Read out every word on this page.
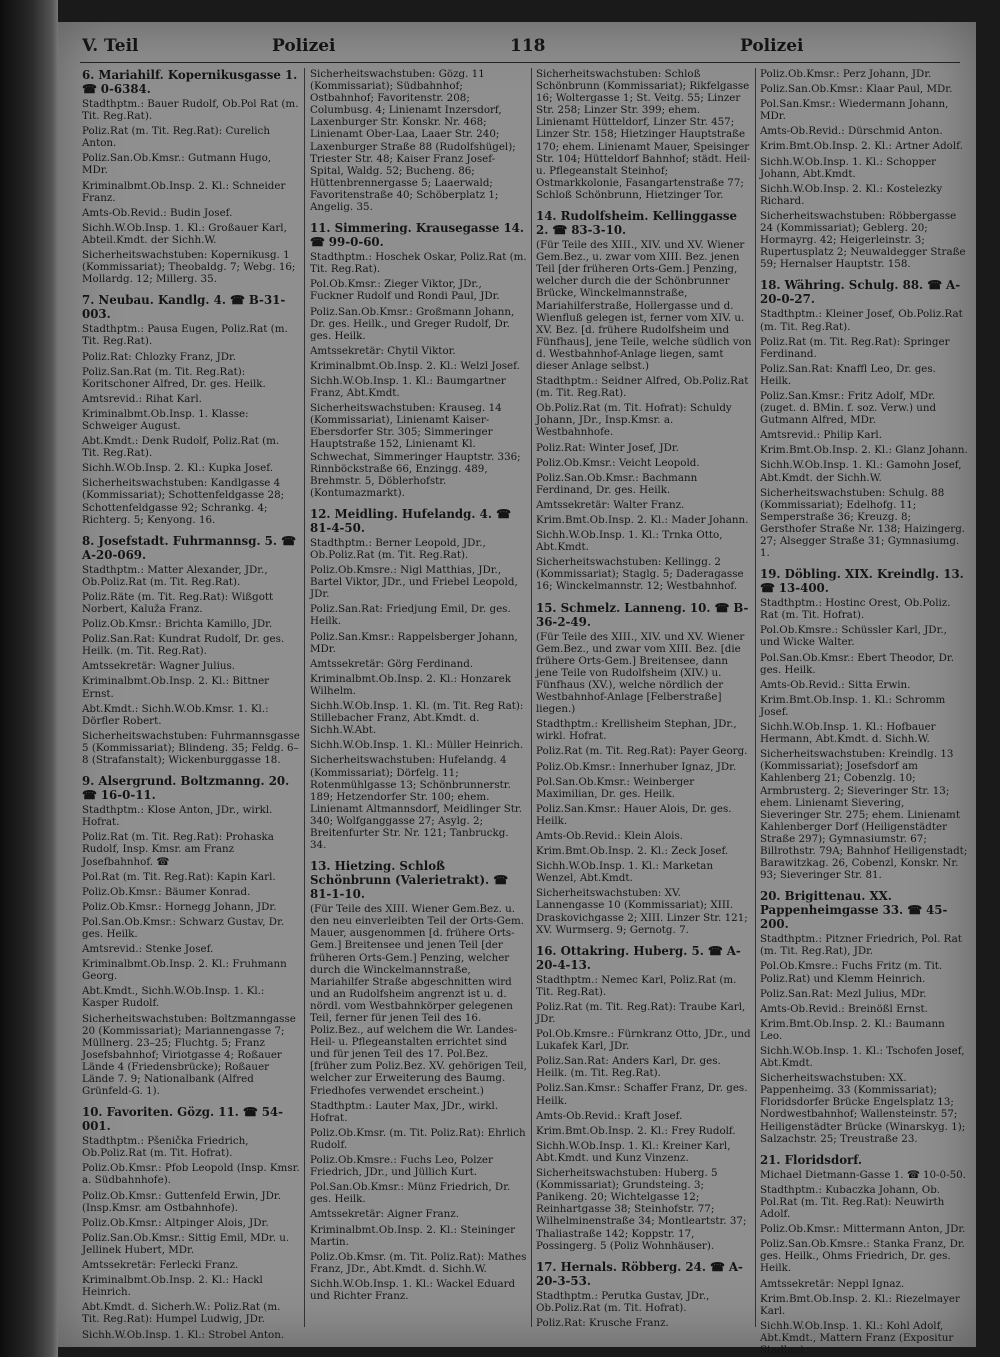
V. Teil	Polizei	118	Polizei
6. Mariahilf. Kopernikusgasse 1. ☎ 0-6384.
Stadthptm.: Bauer Rudolf, Ob.Pol Rat (m. Tit. Reg.Rat).
Poliz.Rat (m. Tit. Reg.Rat): Curelich Anton.
Poliz.San.Ob.Kmsr.: Gutmann Hugo, MDr.
Kriminalbmt.Ob.Insp. 2. Kl.: Schneider Franz.
Amts-Ob.Revid.: Budin Josef.
Sichh.W.Ob.Insp. 1. Kl.: Großauer Karl, Abteil.Kmdt. der Sichh.W.
Sicherheitswachstuben: Kopernikusg. 1 (Kommissariat); Theobaldg. 7; Webg. 16; Mollardg. 12; Millerg. 35.
7. Neubau. Kandlg. 4. ☎ B-31-003.
Stadthptm.: Pausa Eugen, Poliz.Rat (m. Tit. Reg.Rat).
Poliz.Rat: Chlozky Franz, JDr.
Poliz.San.Rat (m. Tit. Reg.Rat): Koritschoner Alfred, Dr. ges. Heilk.
Amtsrevid.: Rihat Karl.
Kriminalbmt.Ob.Insp. 1. Klasse: Schweiger August.
Abt.Kmdt.: Denk Rudolf, Poliz.Rat (m. Tit. Reg.Rat).
Sichh.W.Ob.Insp. 2. Kl.: Kupka Josef.
Sicherheitswachstuben: Kandlgasse 4 (Kommissariat); Schottenfeldgasse 28; Schottenfeldgasse 92; Schrankg. 4; Richterg. 5; Kenyong. 16.
8. Josefstadt. Fuhrmannsg. 5. ☎ A-20-069.
Stadthptm.: Matter Alexander, JDr., Ob.Poliz.Rat (m. Tit. Reg.Rat).
Poliz.Räte (m. Tit. Reg.Rat): Wißgott Norbert, Kaluža Franz.
Poliz.Ob.Kmsr.: Brichta Kamillo, JDr.
Poliz.San.Rat: Kundrat Rudolf, Dr. ges. Heilk. (m. Tit. Reg.Rat).
Amtssekretär: Wagner Julius.
Kriminalbmt.Ob.Insp. 2. Kl.: Bittner Ernst.
Abt.Kmdt.: Sichh.W.Ob.Kmsr. 1. Kl.: Dörfler Robert.
Sicherheitswachstuben: Fuhrmannsgasse 5 (Kommissariat); Blindeng. 35; Feldg. 6–8 (Strafanstalt); Wickenburggasse 18.
9. Alsergrund. Boltzmanng. 20. ☎ 16-0-11.
Stadthptm.: Klose Anton, JDr., wirkl. Hofrat.
Poliz.Rat (m. Tit. Reg.Rat): Prohaska Rudolf, Insp. Kmsr. am Franz Josefbahnhof. ☎
Pol.Rat (m. Tit. Reg.Rat): Kapin Karl.
Poliz.Ob.Kmsr.: Bäumer Konrad.
Poliz.Ob.Kmsr.: Hornegg Johann, JDr.
Pol.San.Ob.Kmsr.: Schwarz Gustav, Dr. ges. Heilk.
Amtsrevid.: Stenke Josef.
Kriminalbmt.Ob.Insp. 2. Kl.: Fruhmann Georg.
Abt.Kmdt., Sichh.W.Ob.Insp. 1. Kl.: Kasper Rudolf.
Sicherheitswachstuben: Boltzmanngasse 20 (Kommissariat); Mariannengasse 7; Müllnerg. 23–25; Fluchtg. 5; Franz Josefsbahnhof; Viriotgasse 4; Roßauer Lände 4 (Friedensbrücke); Roßauer Lände 7. 9; Nationalbank (Alfred Grünfeld-G. 1).
10. Favoriten. Gözg. 11. ☎ 54-001.
Stadthptm.: Pšenička Friedrich, Ob.Poliz.Rat (m. Tit. Hofrat).
Poliz.Ob.Kmsr.: Pfob Leopold (Insp. Kmsr. a. Südbahnhofe).
Poliz.Ob.Kmsr.: Guttenfeld Erwin, JDr. (Insp.Kmsr. am Ostbahnhofe).
Poliz.Ob.Kmsr.: Altpinger Alois, JDr.
Poliz.San.Ob.Kmsr.: Sittig Emil, MDr. u. Jellinek Hubert, MDr.
Amtssekretär: Ferlecki Franz.
Kriminalbmt.Ob.Insp. 2. Kl.: Hackl Heinrich.
Abt.Kmdt. d. Sicherh.W.: Poliz.Rat (m. Tit. Reg.Rat): Humpel Ludwig, JDr.
Sichh.W.Ob.Insp. 1. Kl.: Strobel Anton.
Sicherheitswachstuben: Gözg. 11 (Kommissariat); Südbahnhof; Ostbahnhof; Favoritenstr. 208; Columbusg. 4; Linienamt Inzersdorf, Laxenburger Str. Konskr. Nr. 468; Linienamt Ober-Laa, Laaer Str. 240; Laxenburger Straße 88 (Rudolfshügel); Triester Str. 48; Kaiser Franz Josef-Spital, Waldg. 52; Bucheng. 86; Hüttenbrennergasse 5; Laaerwald; Favoritenstraße 40; Schöberplatz 1; Angelig. 35.
11. Simmering. Krausegasse 14. ☎ 99-0-60.
Stadthptm.: Hoschek Oskar, Poliz.Rat (m. Tit. Reg.Rat).
Pol.Ob.Kmsr.: Zieger Viktor, JDr., Fuckner Rudolf und Rondi Paul, JDr.
Poliz.San.Ob.Kmsr.: Großmann Johann, Dr. ges. Heilk., und Greger Rudolf, Dr. ges. Heilk.
Amtssekretär: Chytil Viktor.
Kriminalbmt.Ob.Insp. 2. Kl.: Welzl Josef.
Sichh.W.Ob.Insp. 1. Kl.: Baumgartner Franz, Abt.Kmdt.
Sicherheitswachstuben: Krauseg. 14 (Kommissariat), Linienamt Kaiser-Ebersdorfer Str. 305; Simmeringer Hauptstraße 152, Linienamt Kl. Schwechat, Simmeringer Hauptstr. 336; Rinnböckstraße 66, Enzingg. 489, Brehmstr. 5, Döblerhofstr. (Kontumazmarkt).
12. Meidling. Hufelandg. 4. ☎ 81-4-50.
Stadthptm.: Berner Leopold, JDr., Ob.Poliz.Rat (m. Tit. Reg.Rat).
Poliz.Ob.Kmsre.: Nigl Matthias, JDr., Bartel Viktor, JDr., und Friebel Leopold, JDr.
Poliz.San.Rat: Friedjung Emil, Dr. ges. Heilk.
Poliz.San.Kmsr.: Rappelsberger Johann, MDr.
Amtssekretär: Görg Ferdinand.
Kriminalbmt.Ob.Insp. 2. Kl.: Honzarek Wilhelm.
Sichh.W.Ob.Insp. 1. Kl. (m. Tit. Reg Rat): Stillebacher Franz, Abt.Kmdt. d. Sichh.W.Abt.
Sichh.W.Ob.Insp. 1. Kl.: Müller Heinrich.
Sicherheitswachstuben: Hufelandg. 4 (Kommissariat); Dörfelg. 11; Rotenmühlgasse 13; Schönbrunnerstr. 189; Hetzendorfer Str. 100; ehem. Linienamt Altmannsdorf, Meidlinger Str. 340; Wolfganggasse 27; Asylg. 2; Breitenfurter Str. Nr. 121; Tanbruckg. 34.
13. Hietzing. Schloß Schönbrunn (Valerietrakt). ☎ 81-1-10.
(Für Teile des XIII. Wiener Gem.Bez. u. den neu einverleibten Teil der Orts-Gem. Mauer, ausgenommen [d. frühere Orts-Gem.] Breitensee und jenen Teil [der früheren Orts-Gem.] Penzing, welcher durch die Winckelmannstraße, Mariahilfer Straße abgeschnitten wird und an Rudolfsheim angrenzt ist u. d. nördl. vom Westbahnkörper gelegenen Teil, ferner für jenen Teil des 16. Poliz.Bez., auf welchem die Wr. Landes-Heil- u. Pflegeanstalten errichtet sind und für jenen Teil des 17. Pol.Bez. [früher zum Poliz.Bez. XV. gehörigen Teil, welcher zur Erweiterung des Baumg. Friedhofes verwendet erscheint.)
Stadthptm.: Lauter Max, JDr., wirkl. Hofrat.
Poliz.Ob.Kmsr. (m. Tit. Poliz.Rat): Ehrlich Rudolf.
Poliz.Ob.Kmsre.: Fuchs Leo, Polzer Friedrich, JDr., und Jüllich Kurt.
Pol.San.Ob.Kmsr.: Münz Friedrich, Dr. ges. Heilk.
Amtssekretär: Aigner Franz.
Kriminalbmt.Ob.Insp. 2. Kl.: Steininger Martin.
Poliz.Ob.Kmsr. (m. Tit. Poliz.Rat): Mathes Franz, JDr., Abt.Kmdt. d. Sichh.W.
Sichh.W.Ob.Insp. 1. Kl.: Wackel Eduard und Richter Franz.
Sicherheitswachstuben: Schloß Schönbrunn (Kommissariat); Rikfelgasse 16; Woltergasse 1; St. Veitg. 55; Linzer Str. 258; Linzer Str. 399; ehem. Linienamt Hütteldorf, Linzer Str. 457; Linzer Str. 158; Hietzinger Hauptstraße 170; ehem. Linienamt Mauer, Speisinger Str. 104; Hütteldorf Bahnhof; städt. Heil- u. Pflegeanstalt Steinhof; Ostmarkkolonie, Fasangartenstraße 77; Schloß Schönbrunn, Hietzinger Tor.
14. Rudolfsheim. Kellinggasse 2. ☎ 83-3-10.
(Für Teile des XIII., XIV. und XV. Wiener Gem.Bez., u. zwar vom XIII. Bez. jenen Teil [der früheren Orts-Gem.] Penzing, welcher durch die der Schönbrunner Brücke, Winckelmannstraße, Mariahilferstraße, Hollergasse und d. Wienfluß gelegen ist, ferner vom XIV. u. XV. Bez. [d. frühere Rudolfsheim und Fünfhaus], jene Teile, welche südlich von d. Westbahnhof-Anlage liegen, samt dieser Anlage selbst.)
Stadthptm.: Seidner Alfred, Ob.Poliz.Rat (m. Tit. Reg.Rat).
Ob.Poliz.Rat (m. Tit. Hofrat): Schuldy Johann, JDr., Insp.Kmsr. a. Westbahnhofe.
Poliz.Rat: Winter Josef, JDr.
Poliz.Ob.Kmsr.: Veicht Leopold.
Poliz.San.Ob.Kmsr.: Bachmann Ferdinand, Dr. ges. Heilk.
Amtssekretär: Walter Franz.
Krim.Bmt.Ob.Insp. 2. Kl.: Mader Johann.
Sichh.W.Ob.Insp. 1. Kl.: Trnka Otto, Abt.Kmdt.
Sicherheitswachstuben: Kellingg. 2 (Kommissariat); Staglg. 5; Daderagasse 16; Winckelmannstr. 12; Westbahnhof.
15. Schmelz. Lanneng. 10. ☎ B-36-2-49.
(Für Teile des XIII., XIV. und XV. Wiener Gem.Bez., und zwar vom XIII. Bez. [die frühere Orts-Gem.] Breitensee, dann jene Teile von Rudolfsheim (XIV.) u. Fünfhaus (XV.), welche nördlich der Westbahnhof-Anlage [Felberstraße] liegen.)
Stadthptm.: Krellisheim Stephan, JDr., wirkl. Hofrat.
Poliz.Rat (m. Tit. Reg.Rat): Payer Georg.
Poliz.Ob.Kmsr.: Innerhuber Ignaz, JDr.
Pol.San.Ob.Kmsr.: Weinberger Maximilian, Dr. ges. Heilk.
Poliz.San.Kmsr.: Hauer Alois, Dr. ges. Heilk.
Amts-Ob.Revid.: Klein Alois.
Krim.Bmt.Ob.Insp. 2. Kl.: Zeck Josef.
Sichh.W.Ob.Insp. 1. Kl.: Marketan Wenzel, Abt.Kmdt.
Sicherheitswachstuben: XV. Lannengasse 10 (Kommissariat); XIII. Draskovichgasse 2; XIII. Linzer Str. 121; XV. Wurmserg. 9; Gernotg. 7.
16. Ottakring. Huberg. 5. ☎ A-20-4-13.
Stadthptm.: Nemec Karl, Poliz.Rat (m. Tit. Reg.Rat).
Poliz.Rat (m. Tit. Reg.Rat): Traube Karl, JDr.
Pol.Ob.Kmsre.: Fürnkranz Otto, JDr., und Lukafek Karl, JDr.
Poliz.San.Rat: Anders Karl, Dr. ges. Heilk. (m. Tit. Reg.Rat).
Poliz.San.Kmsr.: Schaffer Franz, Dr. ges. Heilk.
Amts-Ob.Revid.: Kraft Josef.
Krim.Bmt.Ob.Insp. 2. Kl.: Frey Rudolf.
Sichh.W.Ob.Insp. 1. Kl.: Kreiner Karl, Abt.Kmdt. und Kunz Vinzenz.
Sicherheitswachstuben: Huberg. 5 (Kommissariat); Grundsteing. 3; Panikeng. 20; Wichtelgasse 12; Reinhartgasse 38; Steinhofstr. 77; Wilhelminenstraße 34; Montleartstr. 37; Thaliastraße 142; Koppstr. 17, Possingerg. 5 (Poliz Wohnhäuser).
17. Hernals. Röbberg. 24. ☎ A-20-3-53.
Stadthptm.: Perutka Gustav, JDr., Ob.Poliz.Rat (m. Tit. Hofrat).
Poliz.Rat: Krusche Franz.
Poliz.Ob.Kmsr.: Perz Johann, JDr.
Poliz.San.Ob.Kmsr.: Klaar Paul, MDr.
Pol.San.Kmsr.: Wiedermann Johann, MDr.
Amts-Ob.Revid.: Dürschmid Anton.
Krim.Bmt.Ob.Insp. 2. Kl.: Artner Adolf.
Sichh.W.Ob.Insp. 1. Kl.: Schopper Johann, Abt.Kmdt.
Sichh.W.Ob.Insp. 2. Kl.: Kostelezky Richard.
Sicherheitswachstuben: Röbbergasse 24 (Kommissariat); Geblerg. 20; Hormayrg. 42; Heigerleinstr. 3; Rupertusplatz 2; Neuwaldegger Straße 59; Hernalser Hauptstr. 158.
18. Währing. Schulg. 88. ☎ A-20-0-27.
Stadthptm.: Kleiner Josef, Ob.Poliz.Rat (m. Tit. Reg.Rat).
Poliz.Rat (m. Tit. Reg.Rat): Springer Ferdinand.
Poliz.San.Rat: Knaffl Leo, Dr. ges. Heilk.
Poliz.San.Kmsr.: Fritz Adolf, MDr. (zuget. d. BMin. f. soz. Verw.) und Gutmann Alfred, MDr.
Amtsrevid.: Philip Karl.
Krim.Bmt.Ob.Insp. 2. Kl.: Glanz Johann.
Sichh.W.Ob.Insp. 1. Kl.: Gamohn Josef, Abt.Kmdt. der Sichh.W.
Sicherheitswachstuben: Schulg. 88 (Kommissariat); Edelhofg. 11; Semperstraße 36; Kreuzg. 8; Gersthofer Straße Nr. 138; Haizingerg. 27; Alsegger Straße 31; Gymnasiumg. 1.
19. Döbling. XIX. Kreindlg. 13. ☎ 13-400.
Stadthptm.: Hostinc Orest, Ob.Poliz. Rat (m. Tit. Hofrat).
Pol.Ob.Kmsre.: Schüssler Karl, JDr., und Wicke Walter.
Pol.San.Ob.Kmsr.: Ebert Theodor, Dr. ges. Heilk.
Amts-Ob.Revid.: Sitta Erwin.
Krim.Bmt.Ob.Insp. 1. Kl.: Schromm Josef.
Sichh.W.Ob.Insp. 1. Kl.: Hofbauer Hermann, Abt.Kmdt. d. Sichh.W.
Sicherheitswachstuben: Kreindlg. 13 (Kommissariat); Josefsdorf am Kahlenberg 21; Cobenzlg. 10; Armbrusterg. 2; Sieveringer Str. 13; ehem. Linienamt Sievering, Sieveringer Str. 275; ehem. Linienamt Kahlenberger Dorf (Heiligenstädter Straße 297); Gymnasiumstr. 67; Billrothstr. 79A; Bahnhof Heiligenstadt; Barawitzkag. 26, Cobenzl, Konskr. Nr. 93; Sieveringer Str. 81.
20. Brigittenau. XX. Pappenheimgasse 33. ☎ 45-200.
Stadthptm.: Pitzner Friedrich, Pol. Rat (m. Tit. Reg.Rat), JDr.
Pol.Ob.Kmsre.: Fuchs Fritz (m. Tit. Poliz.Rat) und Klemm Heinrich.
Poliz.San.Rat: Mezl Julius, MDr.
Amts-Ob.Revid.: Breinößl Ernst.
Krim.Bmt.Ob.Insp. 2. Kl.: Baumann Leo.
Sichh.W.Ob.Insp. 1. Kl.: Tschofen Josef, Abt.Kmdt.
Sicherheitswachstuben: XX. Pappenheimg. 33 (Kommissariat); Floridsdorfer Brücke Engelsplatz 13; Nordwestbahnhof; Wallensteinstr. 57; Heiligenstädter Brücke (Winarskyg. 1); Salzachstr. 25; Treustraße 23.
21. Floridsdorf.
Michael Dietmann-Gasse 1. ☎ 10-0-50.
Stadthptm.: Kubaczka Johann, Ob. Pol.Rat (m. Tit. Reg.Rat): Neuwirth Adolf.
Poliz.Ob.Kmsr.: Mittermann Anton, JDr.
Poliz.San.Ob.Kmsre.: Stanka Franz, Dr. ges. Heilk., Ohms Friedrich, Dr. ges. Heilk.
Amtssekretär: Neppl Ignaz.
Krim.Bmt.Ob.Insp. 2. Kl.: Riezelmayer Karl.
Sichh.W.Ob.Insp. 1. Kl.: Kohl Adolf, Abt.Kmdt., Mattern Franz (Expositur Stadlau).
